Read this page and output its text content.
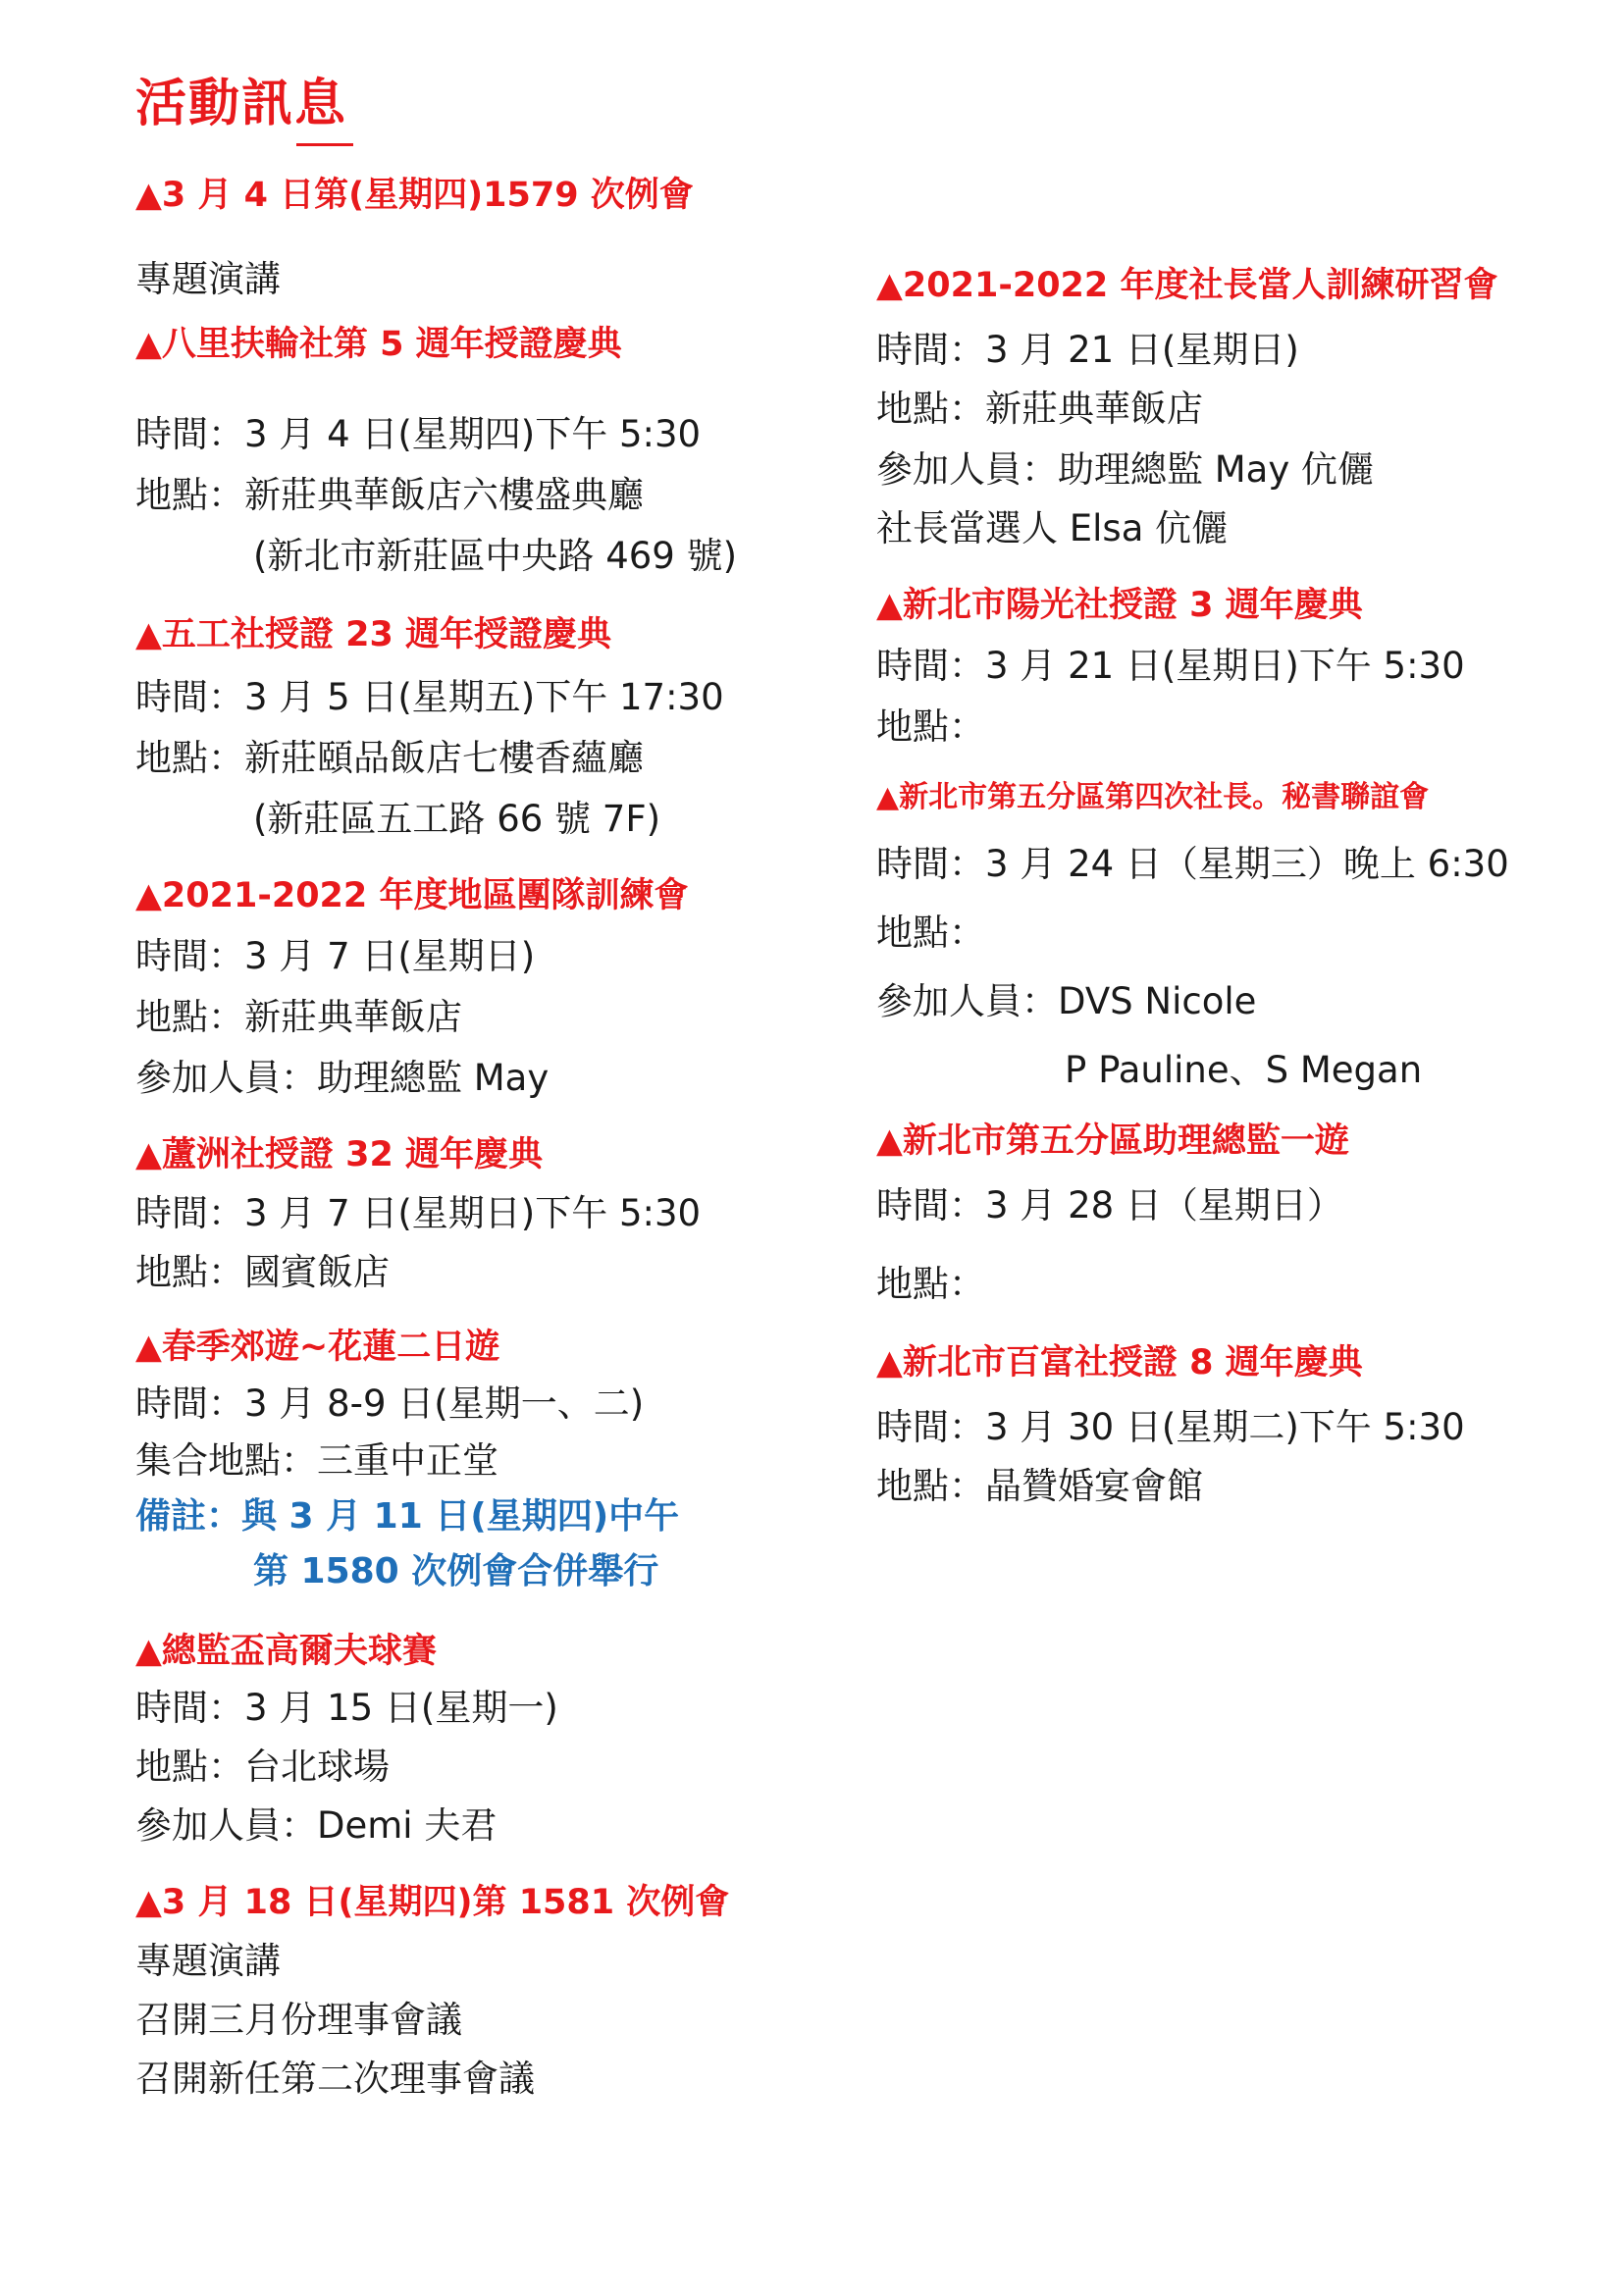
活動訊息
▲3 月 4 日第(星期四)1579 次例會
專題演講
▲八里扶輪社第 5 週年授證慶典
時間：3 月 4 日(星期四)下午 5:30
地點：新莊典華飯店六樓盛典廳
(新北市新莊區中央路 469 號)
▲五工社授證 23 週年授證慶典
時間：3 月 5 日(星期五)下午 17:30
地點：新莊頤品飯店七樓香蘊廳
(新莊區五工路 66 號 7F)
▲2021-2022 年度地區團隊訓練會
時間：3 月 7 日(星期日)
地點：新莊典華飯店
參加人員：助理總監 May
▲蘆洲社授證 32 週年慶典
時間：3 月 7 日(星期日)下午 5:30
地點：國賓飯店
▲春季郊遊~花蓮二日遊
時間：3 月 8-9 日(星期一、二)
集合地點：三重中正堂
備註：與 3 月 11 日(星期四)中午
第 1580 次例會合併舉行
▲總監盃高爾夫球賽
時間：3 月 15 日(星期一)
地點：台北球場
參加人員：Demi 夫君
▲3 月 18 日(星期四)第 1581 次例會
專題演講
召開三月份理事會議
召開新任第二次理事會議
▲2021-2022 年度社長當人訓練研習會
時間：3 月 21 日(星期日)
地點：新莊典華飯店
參加人員：助理總監 May 伉儷
社長當選人 Elsa 伉儷
▲新北市陽光社授證 3 週年慶典
時間：3 月 21 日(星期日)下午 5:30
地點：
▲新北市第五分區第四次社長。秘書聯誼會
時間：3 月 24 日（星期三）晚上 6:30
地點：
參加人員：DVS Nicole
P Pauline、S Megan
▲新北市第五分區助理總監一遊
時間：3 月 28 日（星期日）
地點：
▲新北市百富社授證 8 週年慶典
時間：3 月 30 日(星期二)下午 5:30
地點：晶贊婚宴會館
